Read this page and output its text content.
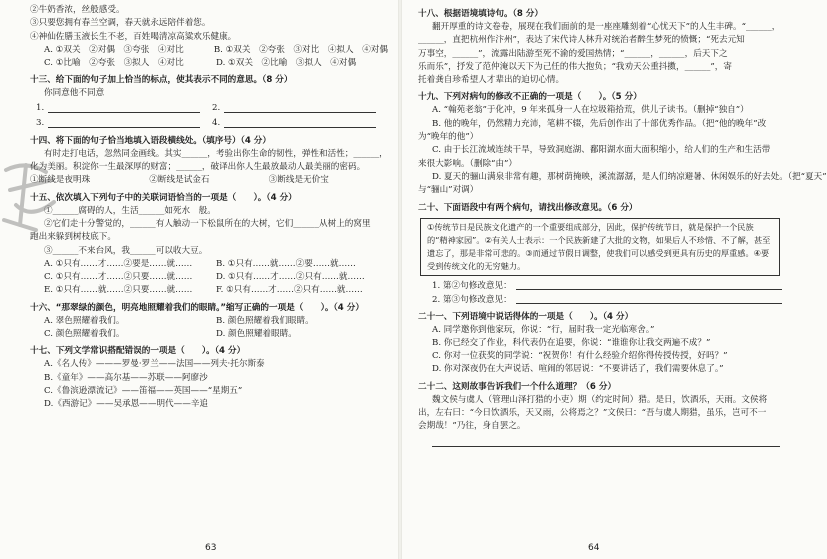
②牛奶香浓，丝般感受。
③只要您拥有春兰空调，春天就永远陪伴着您。
④神仙佐膳玉液长生不老，百姓喝清凉高粱欢乐健康。
A. ①双关　②对偶　③夸张　④对比	B. ①双关　②夸张　③对比　④拟人　④对偶
C. ①比喻　②夸张　③拟人　④对比	D. ①双关　②比喻　③拟人　④对偶
十三、给下面的句子加上恰当的标点，使其表示不同的意思。（8 分）
你同意他不同意
1.	2.
3.	4.
十四、将下面的句子恰当地填入语段横线处。（填序号）（4 分）
有时走打电话，忽然同金画线。其实______，考验出你生命的韧性，弹性和活性；______，
化为美丽。积淀你一生最深厚的财富；______，破译出你人生最放最动人最美丽的密码。
①断线是夜明珠	②断线是试金石	③断线是无价宝
十五、依次填入下列句子中的关联词语恰当的一项是（　　）。（4 分）
①______腐碍的人，生活______如死水　般。
②它们走十分警觉的，______有人触动一下松鼠所在的大树，它们______从树上的窝里
跑出来躲到树枝底下。
③______不来台风，我______可以收大豆。
A. ①只有……才……②要是……就……	B. ①只有……就……②要……就……
C. ①只有……才……②只要……就……	D. ①只有……才……②只有……就……
E. ①只有……就……②只要……就……	F. ①只有……才……②只有……就……
十六、“那翠绿的颜色，明亮地照耀着我们的眼睛。”缩写正确的一项是（　　）。（4 分）
A. 翠色照耀着我们。	B. 颜色照耀着我们眼睛。
C. 颜色照耀着我们。	D. 颜色照耀着眼睛。
十七、下列文学常识搭配错误的一项是（　　）。（4 分）
A.《名人传》———罗曼·罗兰——法国——列夫·托尔斯泰
B.《童年》——高尔基——苏联——阿廖沙
C.《鲁滨逊漂流记》——笛福——英国——“星期五”
D.《西游记》——吴承恩——明代——辛追
63
十八、根据语境填诗句。（8 分）
翻开厚重的诗文卷卷，展现在我们面前的是一座座雕刻着“心忧天下”的人生丰碑。“______，
______，直把杭州作汴州”，表达了宋代诗人林升对统治者醉生梦死的愤慨；“死去元知
万事空，______”，流露出陆游至死不渝的爱国热情；“______，______，后天下之
乐而乐”，抒发了范仲淹以天下为己任的伟大抱负；“我劝天公重抖擞，______”，寄
托着龚自珍希望人才辈出的迫切心情。
十九、下列对病句的修改不正确的一项是（　　）。（5 分）
A. “翰苑老翁”于化冲，9 年来孤身一人在垃圾箱拾荒，供儿子读书。（删掉“独自”）
B. 他的晚年，仍然精力充沛，笔耕不辍，先后创作出了十部优秀作品。（把“他的晚年”改
为“晚年的他”）
C. 由于长江流域连续干旱，导致洞庭湖、鄱阳湖水面大面积缩小，给人们的生产和生活带
来很大影响。（删除“由”）
D. 夏天的骊山满泉非常有趣，那树荫掩映，溪流潺潺，是人们纳凉避暑、休闲娱乐的好去处。（把“夏天”
与“骊山”对调）
二十、下面语段中有两个病句，请找出修改意见。（6 分）
①传统节日是民族文化遗产的一个重要组成部分，因此，保护传统节日，就是保护一个民族的“精神家园”。②有关人士表示：一个民族新建了大批的文物，如果后人不珍惜、不了解，甚至遗忘了，那是非常可悲的。③而通过节假日调整，使我们可以感受到更具有历史的厚重感。④要受到传统文化的无穷魅力。
1. 第②句修改意见：
2. 第③句修改意见：
二十一、下列语境中说话得体的一项是（　　）。（4 分）
A. 同学邀你到他家玩，你说：“行，届时我一定光临寒舍。”
B. 你已经交了作业，科代表仍在追要，你说：“谁谁你让我交两遍不成？”
C. 你对一位获奖的同学说：“祝贺你！有什么经验介绍你得传授传授，好吗？”
D. 你对深夜仍在大声说话、喧闹的邻居说：“不要讲话了，我们需要休息了。”
二十二、这则故事告诉我们一个什么道理？（6 分）
魏文侯与虞人（管理山泽打猎的小吏）期（约定时间）猎。是日，饮酒乐，天雨。文侯将
出，左右曰：“今日饮酒乐，天又雨，公将焉之？”文侯曰：“吾与虞人期猎，虽乐，岂可不一
会期哉！”乃往，身自罢之。
64
